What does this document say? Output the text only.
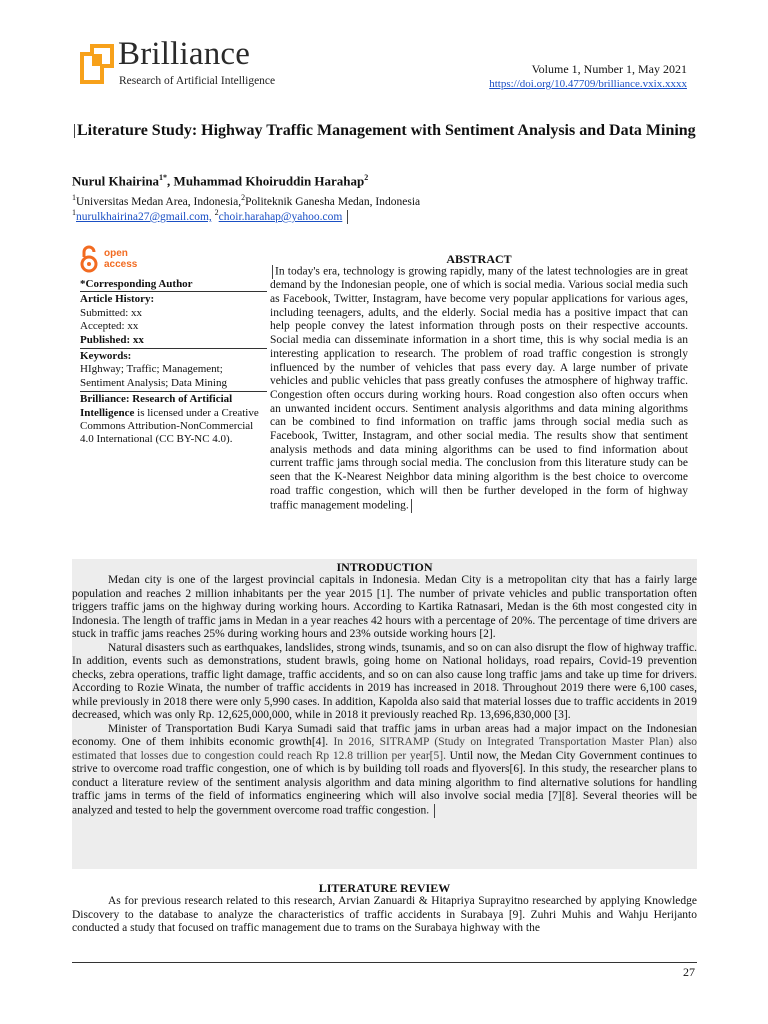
Brilliance
Research of Artificial Intelligence
Volume 1, Number 1, May 2021
https://doi.org/10.47709/brilliance.vxix.xxxx
Literature Study: Highway Traffic Management with Sentiment Analysis and Data Mining
Nurul Khairina$^{1*}$, Muhammad Khoiruddin Harahap$^2$
$^1$Universitas Medan Area, Indonesia,$^2$Politeknik Ganesha Medan, Indonesia
$^1$nurulkhairina27@gmail.com, $^2$choir.harahap@yahoo.com
open
access
*Corresponding Author
Article History:
Submitted: xx
Accepted: xx
Published: xx
Keywords:
HIghway; Traffic; Management; Sentiment Analysis; Data Mining
Brilliance: Research of Artificial Intelligence is licensed under a Creative Commons Attribution-NonCommercial 4.0 International (CC BY-NC 4.0).
ABSTRACT
In today's era, technology is growing rapidly, many of the latest technologies are in great demand by the Indonesian people, one of which is social media. Various social media such as Facebook, Twitter, Instagram, have become very popular applications for various ages, including teenagers, adults, and the elderly. Social media has a positive impact that can help people convey the latest information through posts on their respective accounts. Social media can disseminate information in a short time, this is why social media is an interesting application to research. The problem of road traffic congestion is strongly influenced by the number of vehicles that pass every day. A large number of private vehicles and public vehicles that pass greatly confuses the atmosphere of highway traffic. Congestion often occurs during working hours. Road congestion also often occurs when an unwanted incident occurs. Sentiment analysis algorithms and data mining algorithms can be combined to find information on traffic jams through social media such as Facebook, Twitter, Instagram, and other social media. The results show that sentiment analysis methods and data mining algorithms can be used to find information about current traffic jams through social media. The conclusion from this literature study can be seen that the K-Nearest Neighbor data mining algorithm is the best choice to overcome road traffic congestion, which will then be further developed in the form of highway traffic management modeling.
INTRODUCTION

Medan city is one of the largest provincial capitals in Indonesia. Medan City is a metropolitan city that has a fairly large population and reaches 2 million inhabitants per the year 2015 [1]. The number of private vehicles and public transportation often triggers traffic jams on the highway during working hours. According to Kartika Ratnasari, Medan is the 6th most congested city in Indonesia. The length of traffic jams in Medan in a year reaches 42 hours with a percentage of 20%. The percentage of time drivers are stuck in traffic jams reaches 25% during working hours and 23% outside working hours [2].

Natural disasters such as earthquakes, landslides, strong winds, tsunamis, and so on can also disrupt the flow of highway traffic. In addition, events such as demonstrations, student brawls, going home on National holidays, road repairs, Covid-19 prevention checks, zebra operations, traffic light damage, traffic accidents, and so on can also cause long traffic jams and take up time for drivers. According to Rozie Winata, the number of traffic accidents in 2019 has increased in 2018. Throughout 2019 there were 6,100 cases, while previously in 2018 there were only 5,990 cases. In addition, Kapolda also said that material losses due to traffic accidents in 2019 decreased, which was only Rp. 12,625,000,000, while in 2018 it previously reached Rp. 13,696,830,000 [3].

Minister of Transportation Budi Karya Sumadi said that traffic jams in urban areas had a major impact on the Indonesian economy. One of them inhibits economic growth[4]. In 2016, SITRAMP (Study on Integrated Transportation Master Plan) also estimated that losses due to congestion could reach Rp 12.8 trillion per year[5]. Until now, the Medan City Government continues to strive to overcome road traffic congestion, one of which is by building toll roads and flyovers[6]. In this study, the researcher plans to conduct a literature review of the sentiment analysis algorithm and data mining algorithm to find alternative solutions for handling traffic jams in terms of the field of informatics engineering which will also involve social media [7][8]. Several theories will be analyzed and tested to help the government overcome road traffic congestion.

LITERATURE REVIEW

As for previous research related to this research, Arvian Zanuardi & Hitapriya Suprayitno researched by applying Knowledge Discovery to the database to analyze the characteristics of traffic accidents in Surabaya [9]. Zuhri Muhis and Wahju Herijanto conducted a study that focused on traffic management due to trams on the Surabaya highway with the

27
